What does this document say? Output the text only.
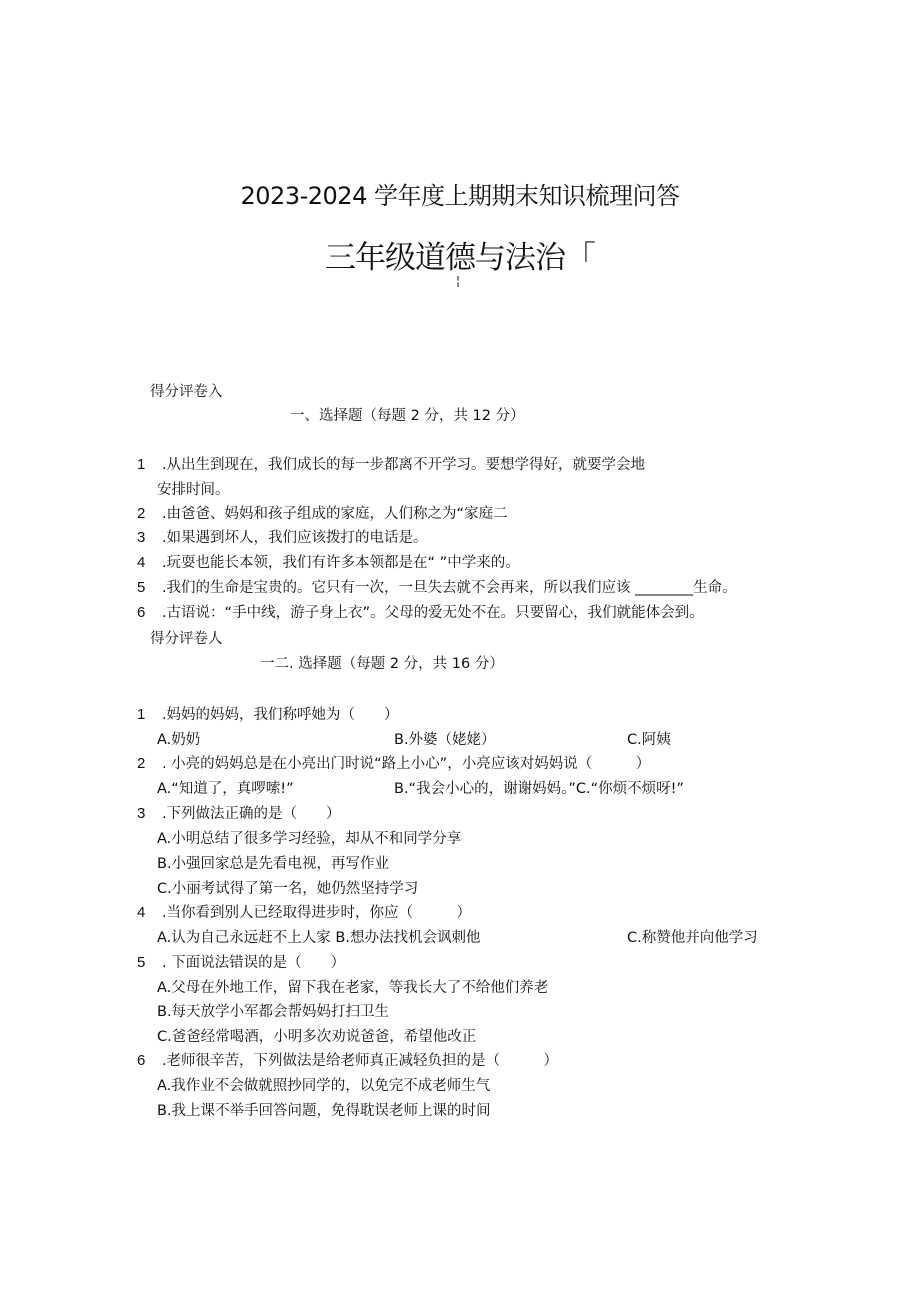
2023-2024 学年度上期期末知识梳理问答
三年级道德与法治「
¦
得分评卷入
一、选择题（每题 2 分，共 12 分）
1 .从出生到现在，我们成长的每一步都离不开学习。要想学得好，就要学会地
安排时间。
2 .由爸爸、妈妈和孩子组成的家庭，人们称之为“家庭二
3 .如果遇到坏人，我们应该拨打的电话是。
4 .玩耍也能长本领，我们有许多本领都是在“ ”中学来的。
5 .我们的生命是宝贵的。它只有一次，一旦失去就不会再来，所以我们应该 ________生命。
6 .古语说：“手中线，游子身上衣”。父母的爱无处不在。只要留心，我们就能体会到。
得分评卷人
一二. 选择题（每题 2 分，共 16 分）
1 .妈妈的妈妈，我们称呼她为（　　）
A.奶奶	B.外婆（姥姥）	C.阿姨
2 . 小亮的妈妈总是在小亮出门时说“路上小心”，小亮应该对妈妈说（　　　）
A.“知道了，真啰嗦!”	B.“我会小心的，谢谢妈妈。”C.“你烦不烦呀!”
3 .下列做法正确的是（　　）
A.小明总结了很多学习经验，却从不和同学分享
B.小强回家总是先看电视，再写作业
C.小丽考试得了第一名，她仍然坚持学习
4 .当你看到别人已经取得进步时，你应（　　　）
A.认为自己永远赶不上人家 B.想办法找机会讽刺他	C.称赞他并向他学习
5 . 下面说法错误的是（　　）
A.父母在外地工作，留下我在老家，等我长大了不给他们养老
B.每天放学小军都会帮妈妈打扫卫生
C.爸爸经常喝酒，小明多次劝说爸爸，希望他改正
6 .老师很辛苦，下列做法是给老师真正减轻负担的是（　　　）
A.我作业不会做就照抄同学的，以免完不成老师生气
B.我上课不举手回答问题，免得耽误老师上课的时间
